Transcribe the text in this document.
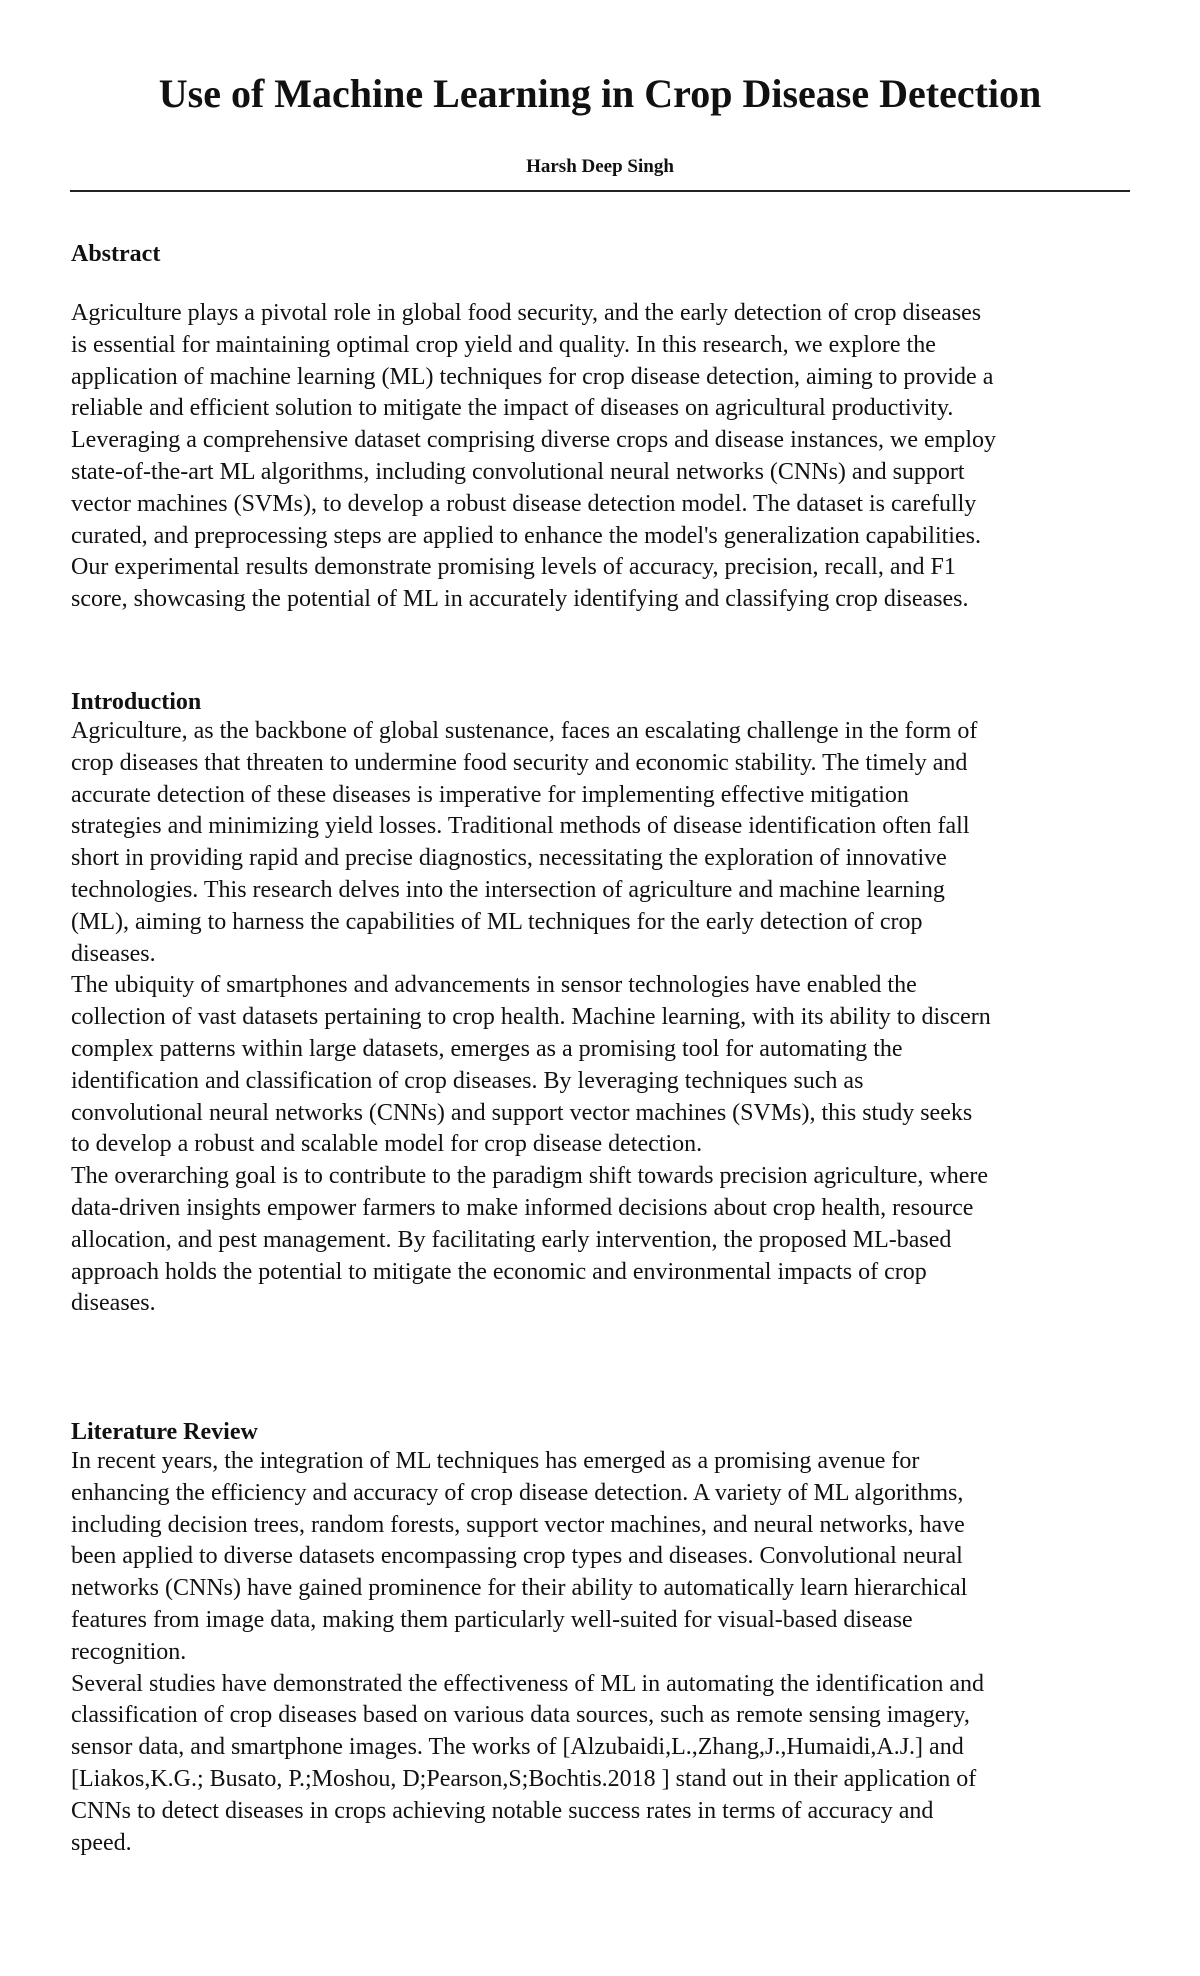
Use of Machine Learning in Crop Disease Detection
Harsh Deep Singh
Abstract
Agriculture plays a pivotal role in global food security, and the early detection of crop diseases
is essential for maintaining optimal crop yield and quality. In this research, we explore the
application of machine learning (ML) techniques for crop disease detection, aiming to provide a
reliable and efficient solution to mitigate the impact of diseases on agricultural productivity.
Leveraging a comprehensive dataset comprising diverse crops and disease instances, we employ
state-of-the-art ML algorithms, including convolutional neural networks (CNNs) and support
vector machines (SVMs), to develop a robust disease detection model. The dataset is carefully
curated, and preprocessing steps are applied to enhance the model's generalization capabilities.
Our experimental results demonstrate promising levels of accuracy, precision, recall, and F1
score, showcasing the potential of ML in accurately identifying and classifying crop diseases.
Introduction
Agriculture, as the backbone of global sustenance, faces an escalating challenge in the form of
crop diseases that threaten to undermine food security and economic stability. The timely and
accurate detection of these diseases is imperative for implementing effective mitigation
strategies and minimizing yield losses. Traditional methods of disease identification often fall
short in providing rapid and precise diagnostics, necessitating the exploration of innovative
technologies. This research delves into the intersection of agriculture and machine learning
(ML), aiming to harness the capabilities of ML techniques for the early detection of crop
diseases.
The ubiquity of smartphones and advancements in sensor technologies have enabled the
collection of vast datasets pertaining to crop health. Machine learning, with its ability to discern
complex patterns within large datasets, emerges as a promising tool for automating the
identification and classification of crop diseases. By leveraging techniques such as
convolutional neural networks (CNNs) and support vector machines (SVMs), this study seeks
to develop a robust and scalable model for crop disease detection.
The overarching goal is to contribute to the paradigm shift towards precision agriculture, where
data-driven insights empower farmers to make informed decisions about crop health, resource
allocation, and pest management. By facilitating early intervention, the proposed ML-based
approach holds the potential to mitigate the economic and environmental impacts of crop
diseases.
Literature Review
In recent years, the integration of ML techniques has emerged as a promising avenue for
enhancing the efficiency and accuracy of crop disease detection. A variety of ML algorithms,
including decision trees, random forests, support vector machines, and neural networks, have
been applied to diverse datasets encompassing crop types and diseases. Convolutional neural
networks (CNNs) have gained prominence for their ability to automatically learn hierarchical
features from image data, making them particularly well-suited for visual-based disease
recognition.
Several studies have demonstrated the effectiveness of ML in automating the identification and
classification of crop diseases based on various data sources, such as remote sensing imagery,
sensor data, and smartphone images. The works of [Alzubaidi,L.,Zhang,J.,Humaidi,A.J.] and
[Liakos,K.G.; Busato, P.;Moshou, D;Pearson,S;Bochtis.2018 ] stand out in their application of
CNNs to detect diseases in crops achieving notable success rates in terms of accuracy and
speed.
